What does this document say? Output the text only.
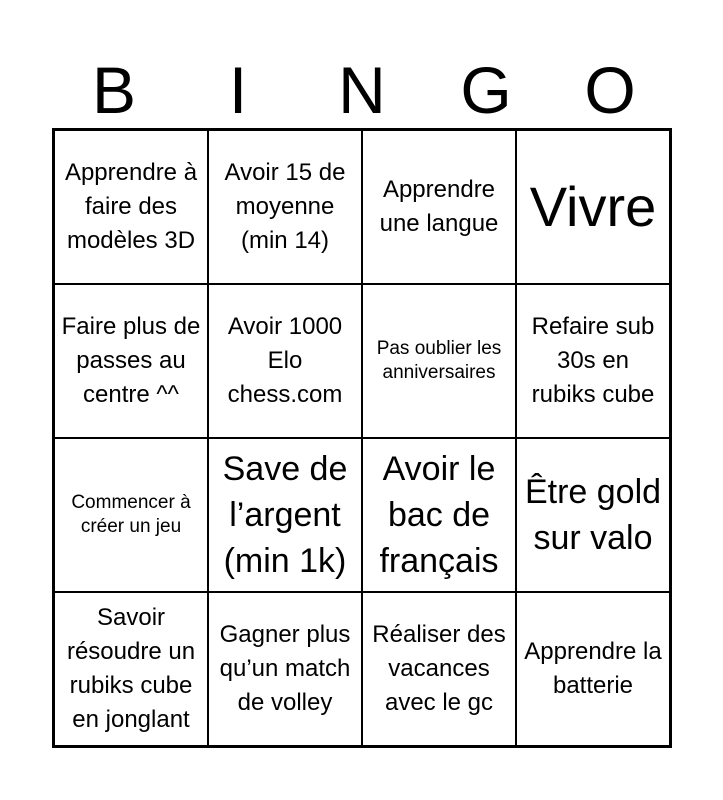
B	I	N	G	O
Apprendre à faire des modèles 3D
Avoir 15 de moyenne (min 14)
Apprendre une langue Vivre
Faire plus de passes au centre ^^
Avoir 1000 Elo chess.com
Pas oublier les anniversaires
Refaire sub 30s en rubiks cube
Commencer à créer un jeu
Save de l’argent (min 1k)
Avoir le bac de français
Être gold sur valo
Savoir résoudre un rubiks cube en jonglant
Gagner plus qu’un match de volley
Réaliser des vacances avec le gc
Apprendre la batterie
